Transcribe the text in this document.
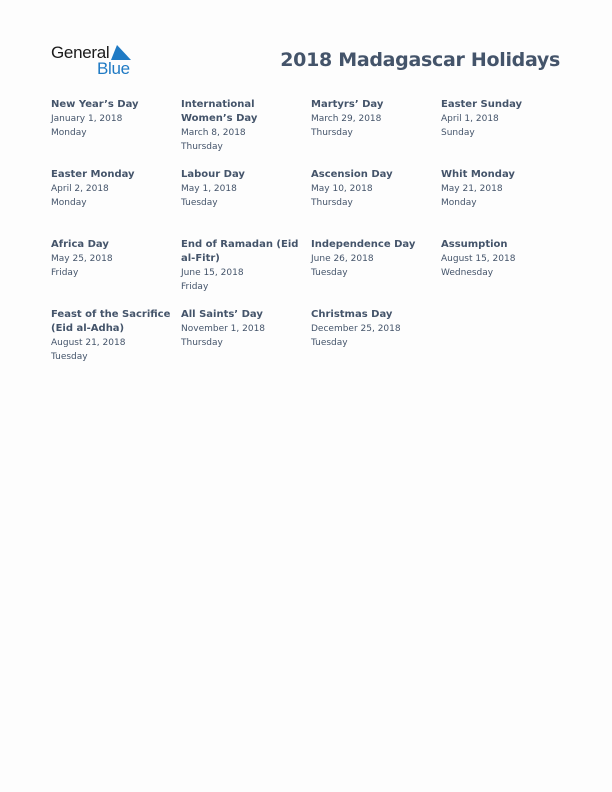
General
Blue	2018 Madagascar Holidays
New Year’s Day
January 1, 2018
Monday
International Women’s Day
March 8, 2018
Thursday
Martyrs’ Day
March 29, 2018
Thursday
Easter Sunday
April 1, 2018
Sunday
Easter Monday
April 2, 2018
Monday
Labour Day
May 1, 2018
Tuesday
Ascension Day
May 10, 2018
Thursday
Whit Monday
May 21, 2018
Monday
Africa Day
May 25, 2018
Friday
End of Ramadan (Eid al-Fitr)
June 15, 2018
Friday
Independence Day
June 26, 2018
Tuesday
Assumption
August 15, 2018
Wednesday
Feast of the Sacrifice (Eid al-Adha)
August 21, 2018
Tuesday
All Saints’ Day
November 1, 2018
Thursday
Christmas Day
December 25, 2018
Tuesday
